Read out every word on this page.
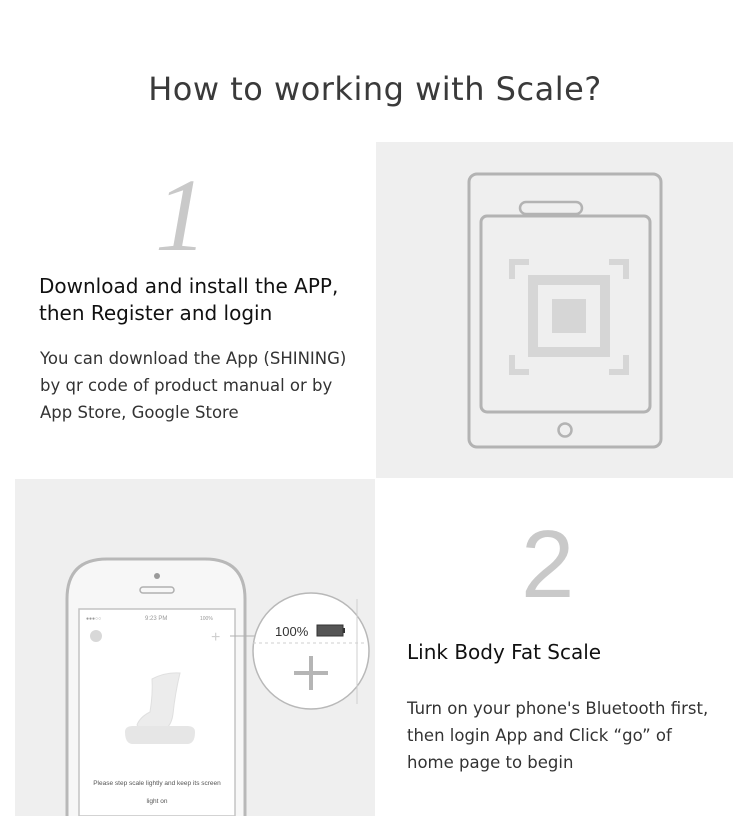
How to working with Scale?
1
Download and install the APP,
then Register and login
You can download the App (SHINING)
by qr code of product manual or by
App Store, Google Store
●●●○○	9:23 PM	100%
+
Please step scale lightly and keep its screen
light on
100%
2
Link Body Fat Scale
Turn on your phone's Bluetooth first,
then login App and Click “go” of
home page to begin
